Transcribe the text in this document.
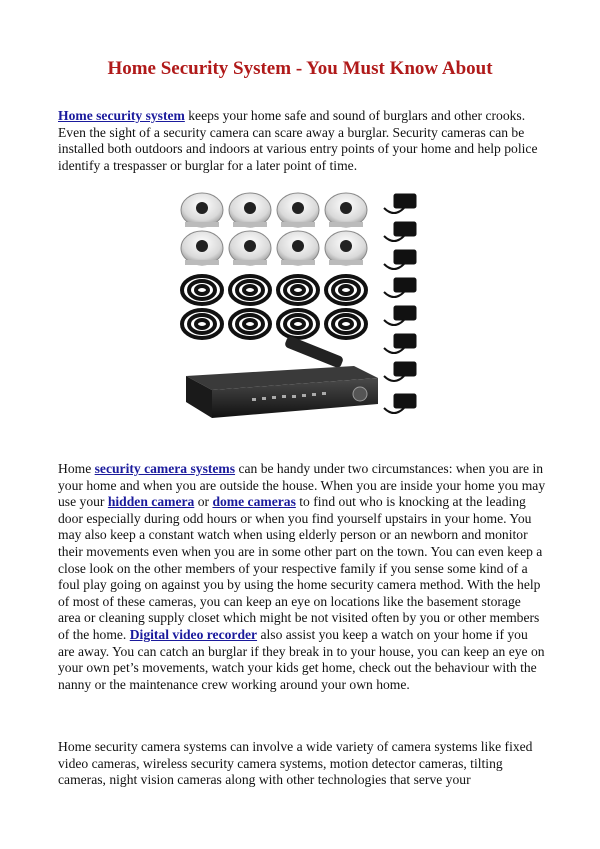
Home Security System - You Must Know About

Home security system keeps your home safe and sound of burglars and other crooks. Even the sight of a security camera can scare away a burglar. Security cameras can be installed both outdoors and indoors at various entry points of your home and help police identify a trespasser or burglar for a later point of time.

Home security camera systems can be handy under two circumstances: when you are in your home and when you are outside the house. When you are inside your home you may use your hidden camera or dome cameras to find out who is knocking at the leading door especially during odd hours or when you find yourself upstairs in your home. You may also keep a constant watch when using elderly person or an newborn and monitor their movements even when you are in some other part on the town. You can even keep a close look on the other members of your respective family if you sense some kind of a foul play going on against you by using the home security camera method. With the help of most of these cameras, you can keep an eye on locations like the basement storage area or cleaning supply closet which might be not visited often by you or other members of the home. Digital video recorder also assist you keep a watch on your home if you are away. You can catch an burglar if they break in to your house, you can keep an eye on your own pet’s movements, watch your kids get home, check out the behaviour with the nanny or the maintenance crew working around your own home.

Home security camera systems can involve a wide variety of camera systems like fixed video cameras, wireless security camera systems, motion detector cameras, tilting cameras, night vision cameras along with other technologies that serve your
